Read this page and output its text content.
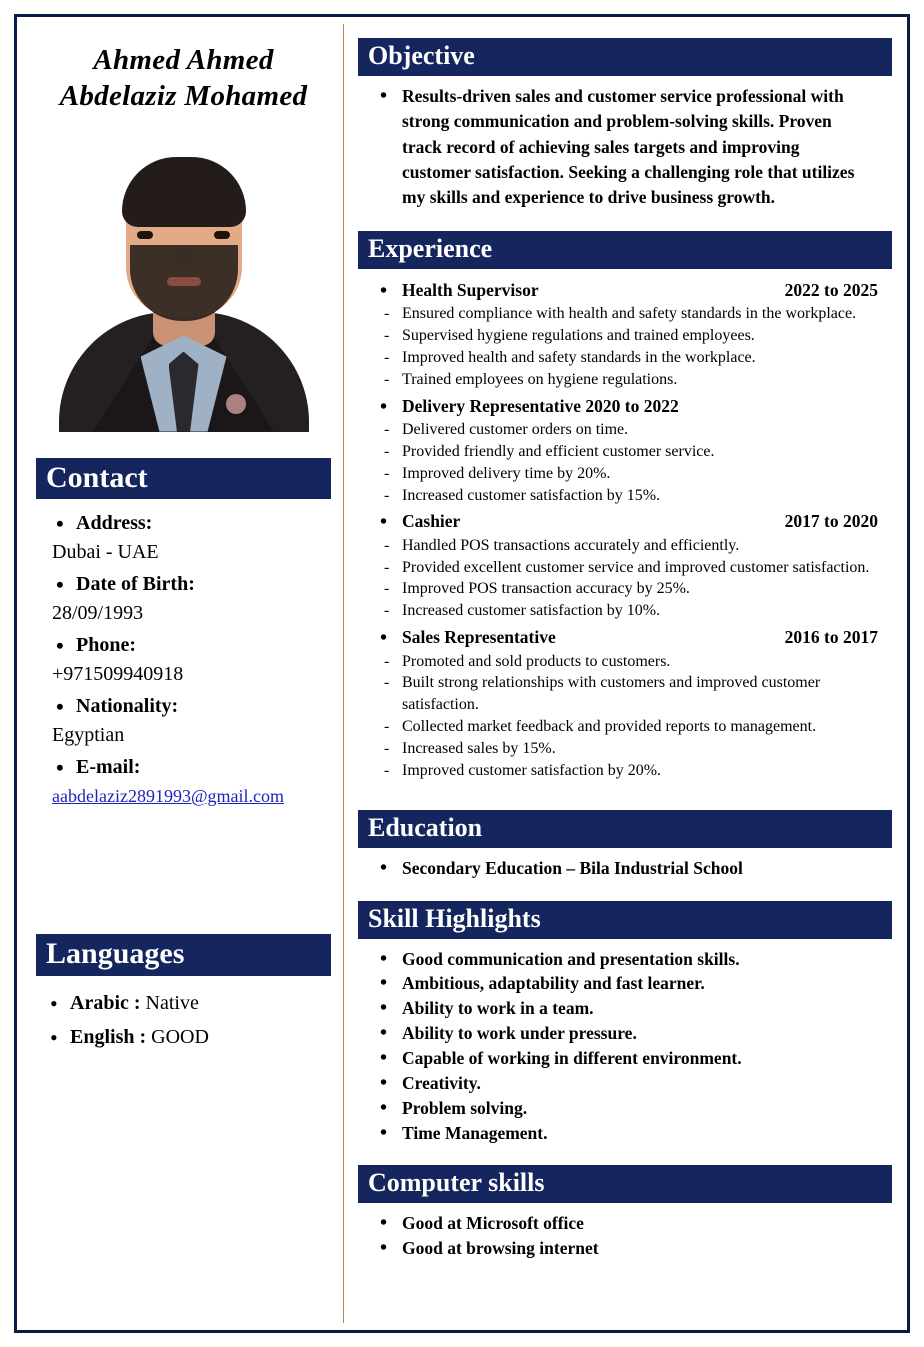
Ahmed Ahmed
Abdelaziz Mohamed
Contact
• Address:
Dubai - UAE
• Date of Birth:
28/09/1993
• Phone:
+971509940918
• Nationality:
Egyptian
• E-mail:
aabdelaziz2891993@gmail.com
Languages
• Arabic : Native
• English : GOOD
Objective
• Results-driven sales and customer service professional with strong communication and problem-solving skills. Proven track record of achieving sales targets and improving customer satisfaction. Seeking a challenging role that utilizes my skills and experience to drive business growth.
Experience
• Health Supervisor	2022 to 2025
- Ensured compliance with health and safety standards in the workplace.
- Supervised hygiene regulations and trained employees.
- Improved health and safety standards in the workplace.
- Trained employees on hygiene regulations.
• Delivery Representative 2020 to 2022
- Delivered customer orders on time.
- Provided friendly and efficient customer service.
- Improved delivery time by 20%.
- Increased customer satisfaction by 15%.
• Cashier	2017 to 2020
- Handled POS transactions accurately and efficiently.
- Provided excellent customer service and improved customer satisfaction.
- Improved POS transaction accuracy by 25%.
- Increased customer satisfaction by 10%.
• Sales Representative	2016 to 2017
- Promoted and sold products to customers.
- Built strong relationships with customers and improved customer satisfaction.
- Collected market feedback and provided reports to management.
- Increased sales by 15%.
- Improved customer satisfaction by 20%.
Education
• Secondary Education – Bila Industrial School
Skill Highlights
• Good communication and presentation skills.
• Ambitious, adaptability and fast learner.
• Ability to work in a team.
• Ability to work under pressure.
• Capable of working in different environment.
• Creativity.
• Problem solving.
• Time Management.
Computer skills
• Good at Microsoft office
• Good at browsing internet
